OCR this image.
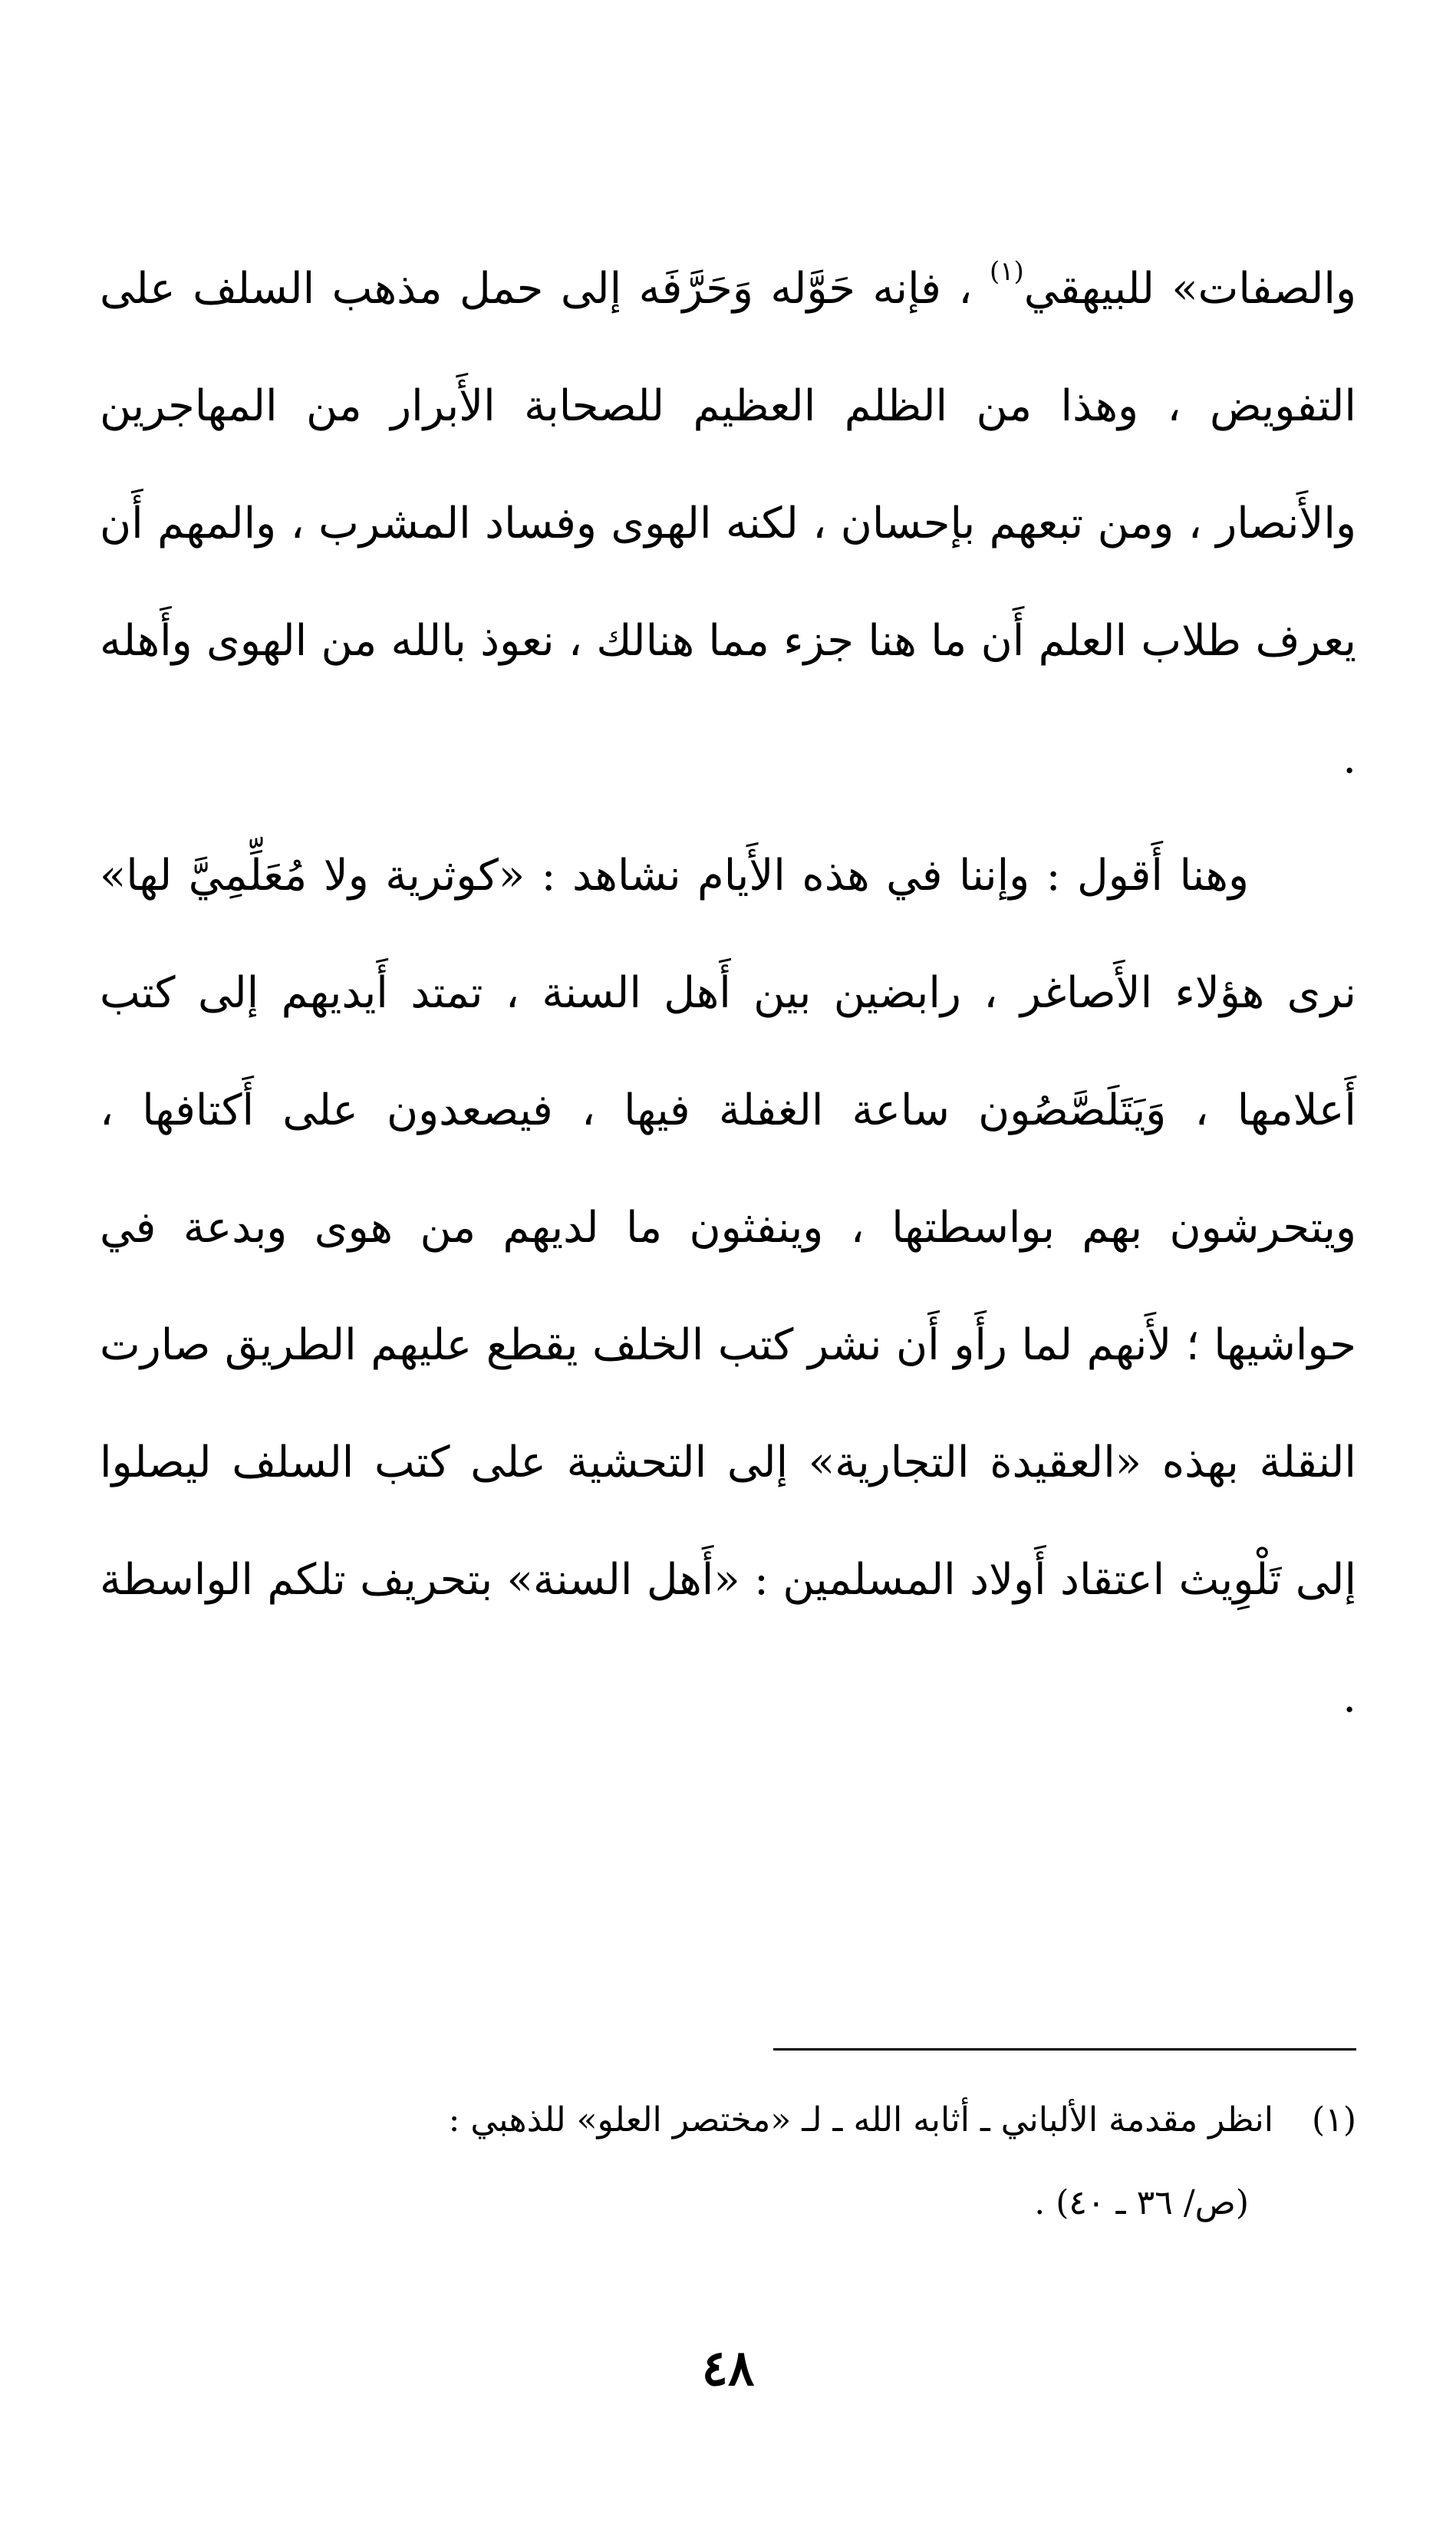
والصفات» للبيهقي$^{(١)}$ ، فإنه حَوَّله وَحَرَّفَه إلى حمل مذهب السلف على التفويض ، وهذا من الظلم العظيم للصحابة الأَبرار من المهاجرين والأَنصار ، ومن تبعهم بإحسان ، لكنه الهوى وفساد المشرب ، والمهم أَن يعرف طلاب العلم أَن ما هنا جزء مما هنالك ، نعوذ بالله من الهوى وأَهله .

وهنا أَقول : وإننا في هذه الأَيام نشاهد : «كوثرية ولا مُعَلِّمِيَّ لها» نرى هؤلاء الأَصاغر ، رابضين بين أَهل السنة ، تمتد أَيديهم إلى كتب أَعلامها ، وَيَتَلَصَّصُون ساعة الغفلة فيها ، فيصعدون على أَكتافها ، ويتحرشون بهم بواسطتها ، وينفثون ما لديهم من هوى وبدعة في حواشيها ؛ لأَنهم لما رأَو أَن نشر كتب الخلف يقطع عليهم الطريق صارت النقلة بهذه «العقيدة التجارية» إلى التحشية على كتب السلف ليصلوا إلى تَلْوِيث اعتقاد أَولاد المسلمين : «أَهل السنة» بتحريف تلكم الواسطة .

(١)
انظر مقدمة الألباني ـ أثابه الله ـ لـ «مختصر العلو» للذهبي :
(ص/ ٣٦ ـ ٤٠) .
٤٨
